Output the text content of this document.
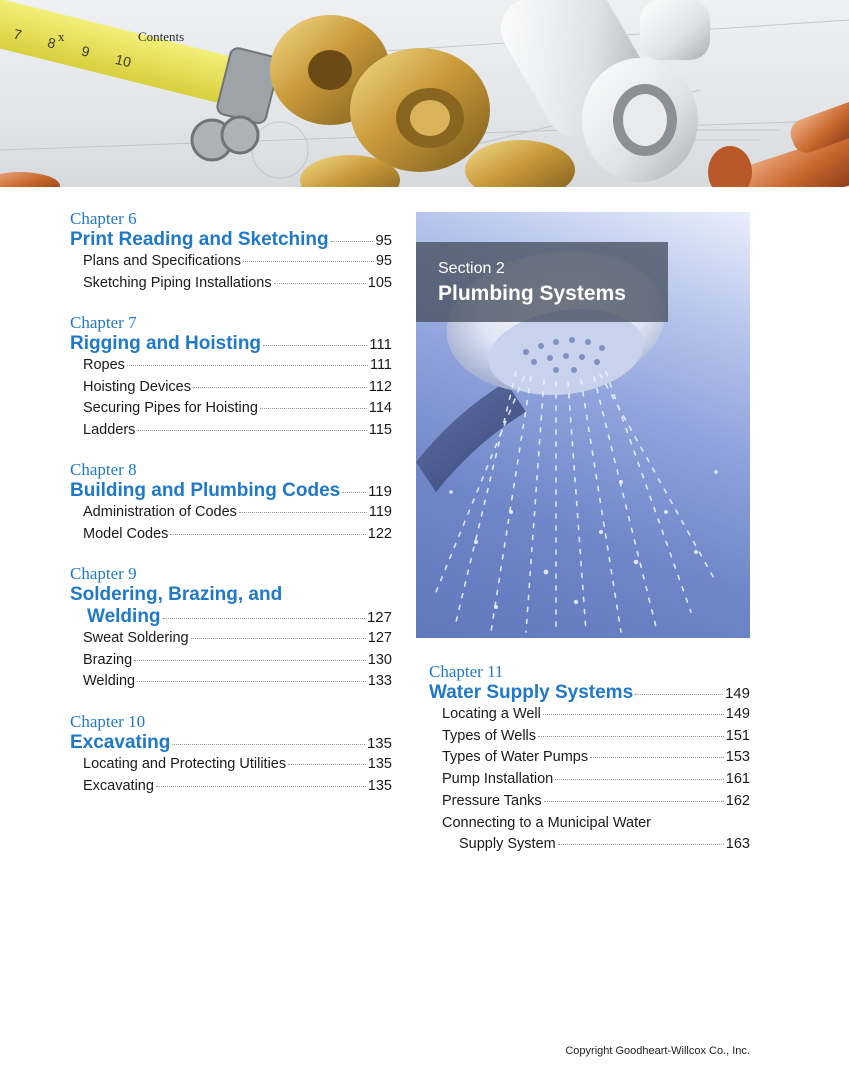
7 8 9 10
x	Contents
Chapter 6
Print Reading and Sketching	95
Plans and Specifications	95
Sketching Piping Installations	105
Chapter 7
Rigging and Hoisting	111
Ropes	111
Hoisting Devices	112
Securing Pipes for Hoisting	114
Ladders	115
Chapter 8
Building and Plumbing Codes 119
Administration of Codes	119
Model Codes	122
Chapter 9
Soldering, Brazing, and
Welding	127
Sweat Soldering	127
Brazing	130
Welding	133
Chapter 10
Excavating	135
Locating and Protecting Utilities	135
Excavating	135
Section 2
Plumbing Systems
Chapter 11
Water Supply Systems	149
Locating a Well	149
Types of Wells	151
Types of Water Pumps	153
Pump Installation	161
Pressure Tanks	162
Connecting to a Municipal Water
Supply System	163
Copyright Goodheart-Willcox Co., Inc.
